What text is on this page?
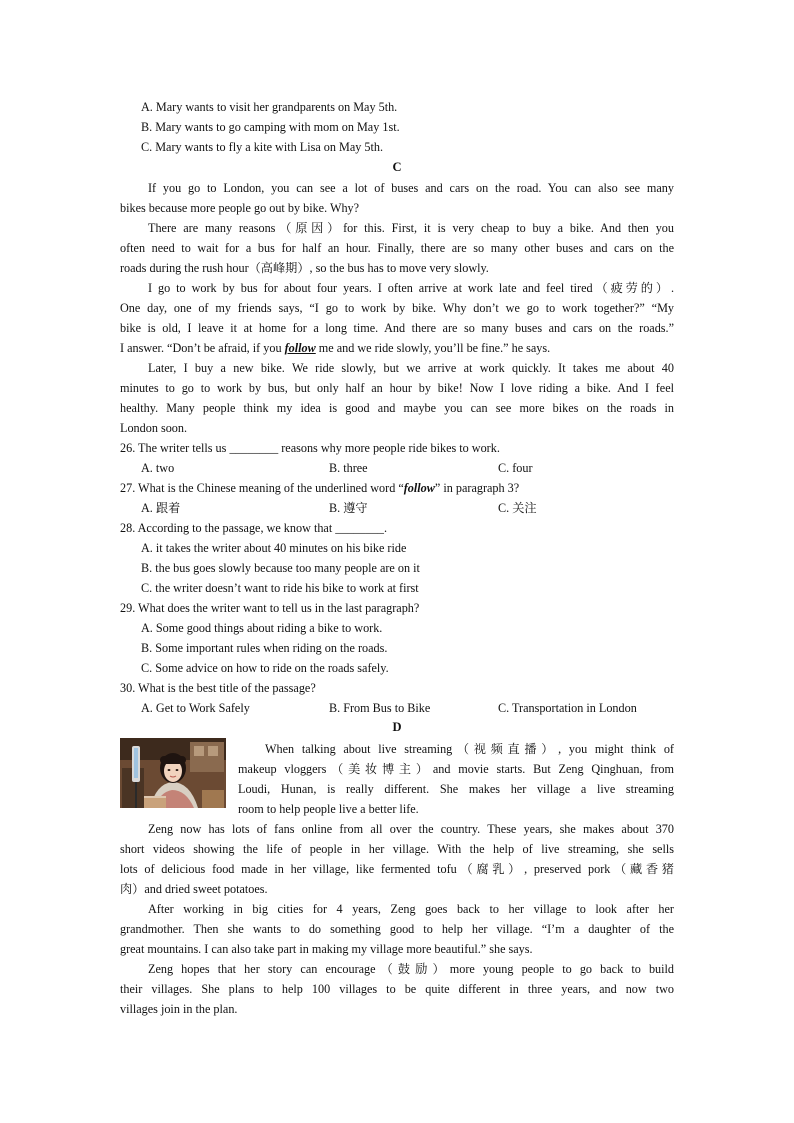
A. Mary wants to visit her grandparents on May 5th.
B. Mary wants to go camping with mom on May 1st.
C. Mary wants to fly a kite with Lisa on May 5th.
C
If you go to London, you can see a lot of buses and cars on the road. You can also see many
bikes because more people go out by bike. Why?
There are many reasons（原因）for this. First, it is very cheap to buy a bike. And then you
often need to wait for a bus for half an hour. Finally, there are so many other buses and cars on the
roads during the rush hour（高峰期）, so the bus has to move very slowly.
I go to work by bus for about four years. I often arrive at work late and feel tired（疲劳的）.
One day, one of my friends says, “I go to work by bike. Why don’t we go to work together?” “My
bike is old, I leave it at home for a long time. And there are so many buses and cars on the roads.”
I answer. “Don’t be afraid, if you follow me and we ride slowly, you’ll be fine.” he says.
Later, I buy a new bike. We ride slowly, but we arrive at work quickly. It takes me about 40
minutes to go to work by bus, but only half an hour by bike! Now I love riding a bike. And I feel
healthy. Many people think my idea is good and maybe you can see more bikes on the roads in
London soon.
26. The writer tells us ________ reasons why more people ride bikes to work.
A. two	B. three	C. four
27. What is the Chinese meaning of the underlined word “follow” in paragraph 3?
A. 跟着	B. 遵守	C. 关注
28. According to the passage, we know that ________.
A. it takes the writer about 40 minutes on his bike ride
B. the bus goes slowly because too many people are on it
C. the writer doesn’t want to ride his bike to work at first
29. What does the writer want to tell us in the last paragraph?
A. Some good things about riding a bike to work.
B. Some important rules when riding on the roads.
C. Some advice on how to ride on the roads safely.
30. What is the best title of the passage?
A. Get to Work Safely	B. From Bus to Bike	C. Transportation in London
D
When talking about live streaming（视频直播）, you might think of
makeup vloggers（美妆博主）and movie starts. But Zeng Qinghuan, from
Loudi, Hunan, is really different. She makes her village a live streaming
room to help people live a better life.
Zeng now has lots of fans online from all over the country. These years, she makes about 370
short videos showing the life of people in her village. With the help of live streaming, she sells
lots of delicious food made in her village, like fermented tofu（腐乳）, preserved pork（藏香猪
肉）and dried sweet potatoes.
After working in big cities for 4 years, Zeng goes back to her village to look after her
grandmother. Then she wants to do something good to help her village. “I’m a daughter of the
great mountains. I can also take part in making my village more beautiful.” she says.
Zeng hopes that her story can encourage（鼓励）more young people to go back to build
their villages. She plans to help 100 villages to be quite different in three years, and now two
villages join in the plan.
